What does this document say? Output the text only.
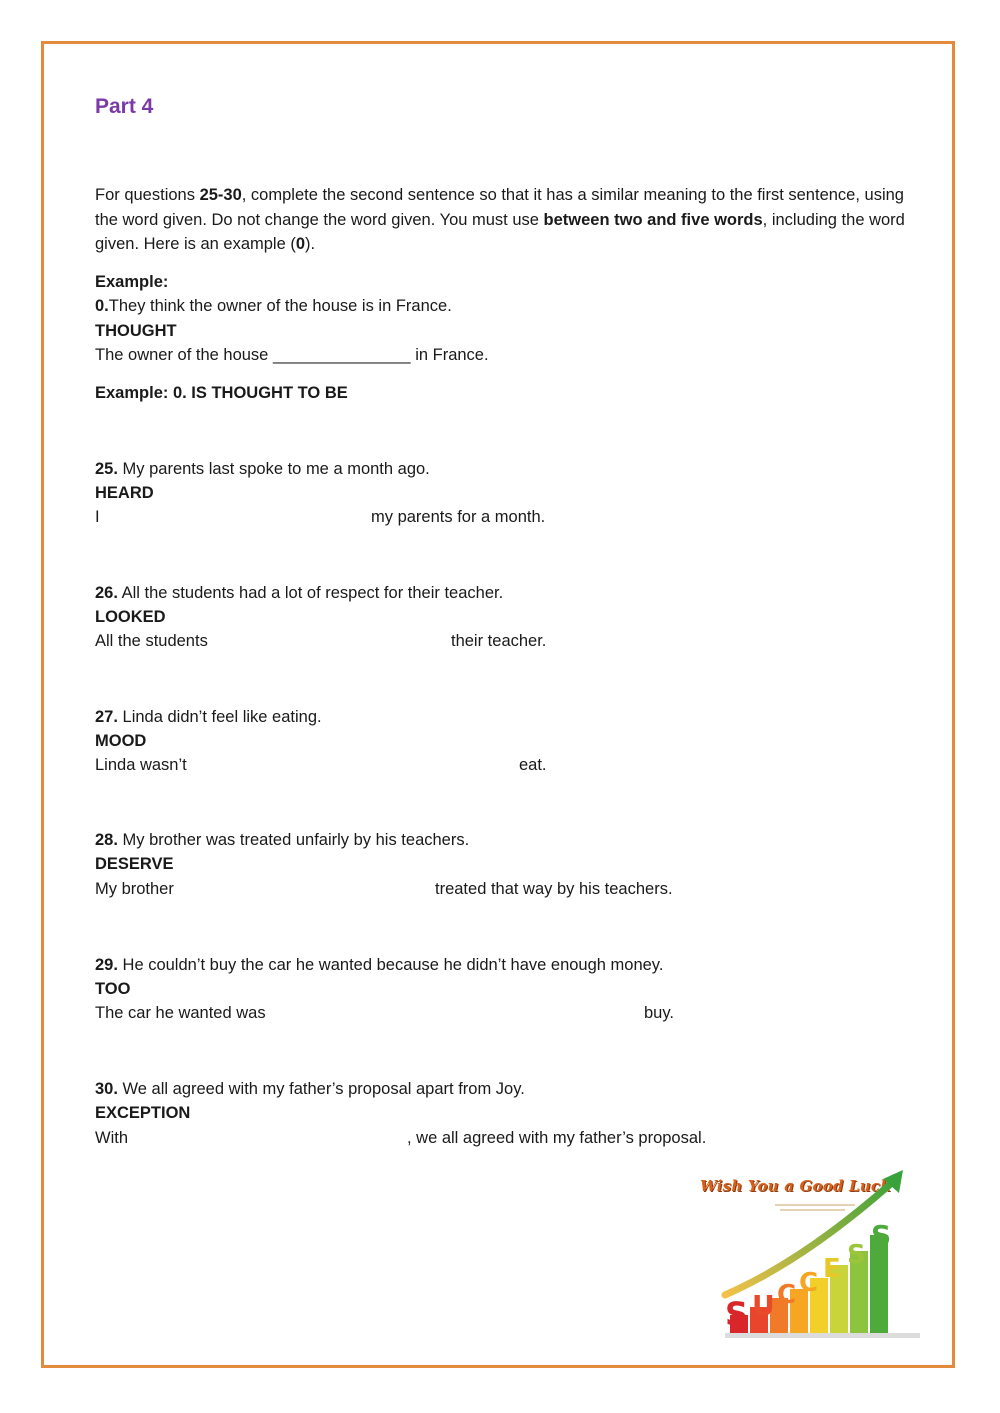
Part 4
For questions 25-30, complete the second sentence so that it has a similar meaning to the first sentence, using the word given. Do not change the word given. You must use between two and five words, including the word given. Here is an example (0).
Example:
0.They think the owner of the house is in France.
THOUGHT
The owner of the house _______________ in France.
Example: 0. IS THOUGHT TO BE
25. My parents last spoke to me a month ago.
HEARD
I	my parents for a month.
26. All the students had a lot of respect for their teacher.
LOOKED
All the students	their teacher.
27. Linda didn’t feel like eating.
MOOD
Linda wasn’t	eat.
28. My brother was treated unfairly by his teachers.
DESERVE
My brother	treated that way by his teachers.
29. He couldn’t buy the car he wanted because he didn’t have enough money.
TOO
The car he wanted was	buy.
30. We all agreed with my father’s proposal apart from Joy.
EXCEPTION
With	, we all agreed with my father’s proposal.
Wish You a Good Luck
S U C C E S
S
